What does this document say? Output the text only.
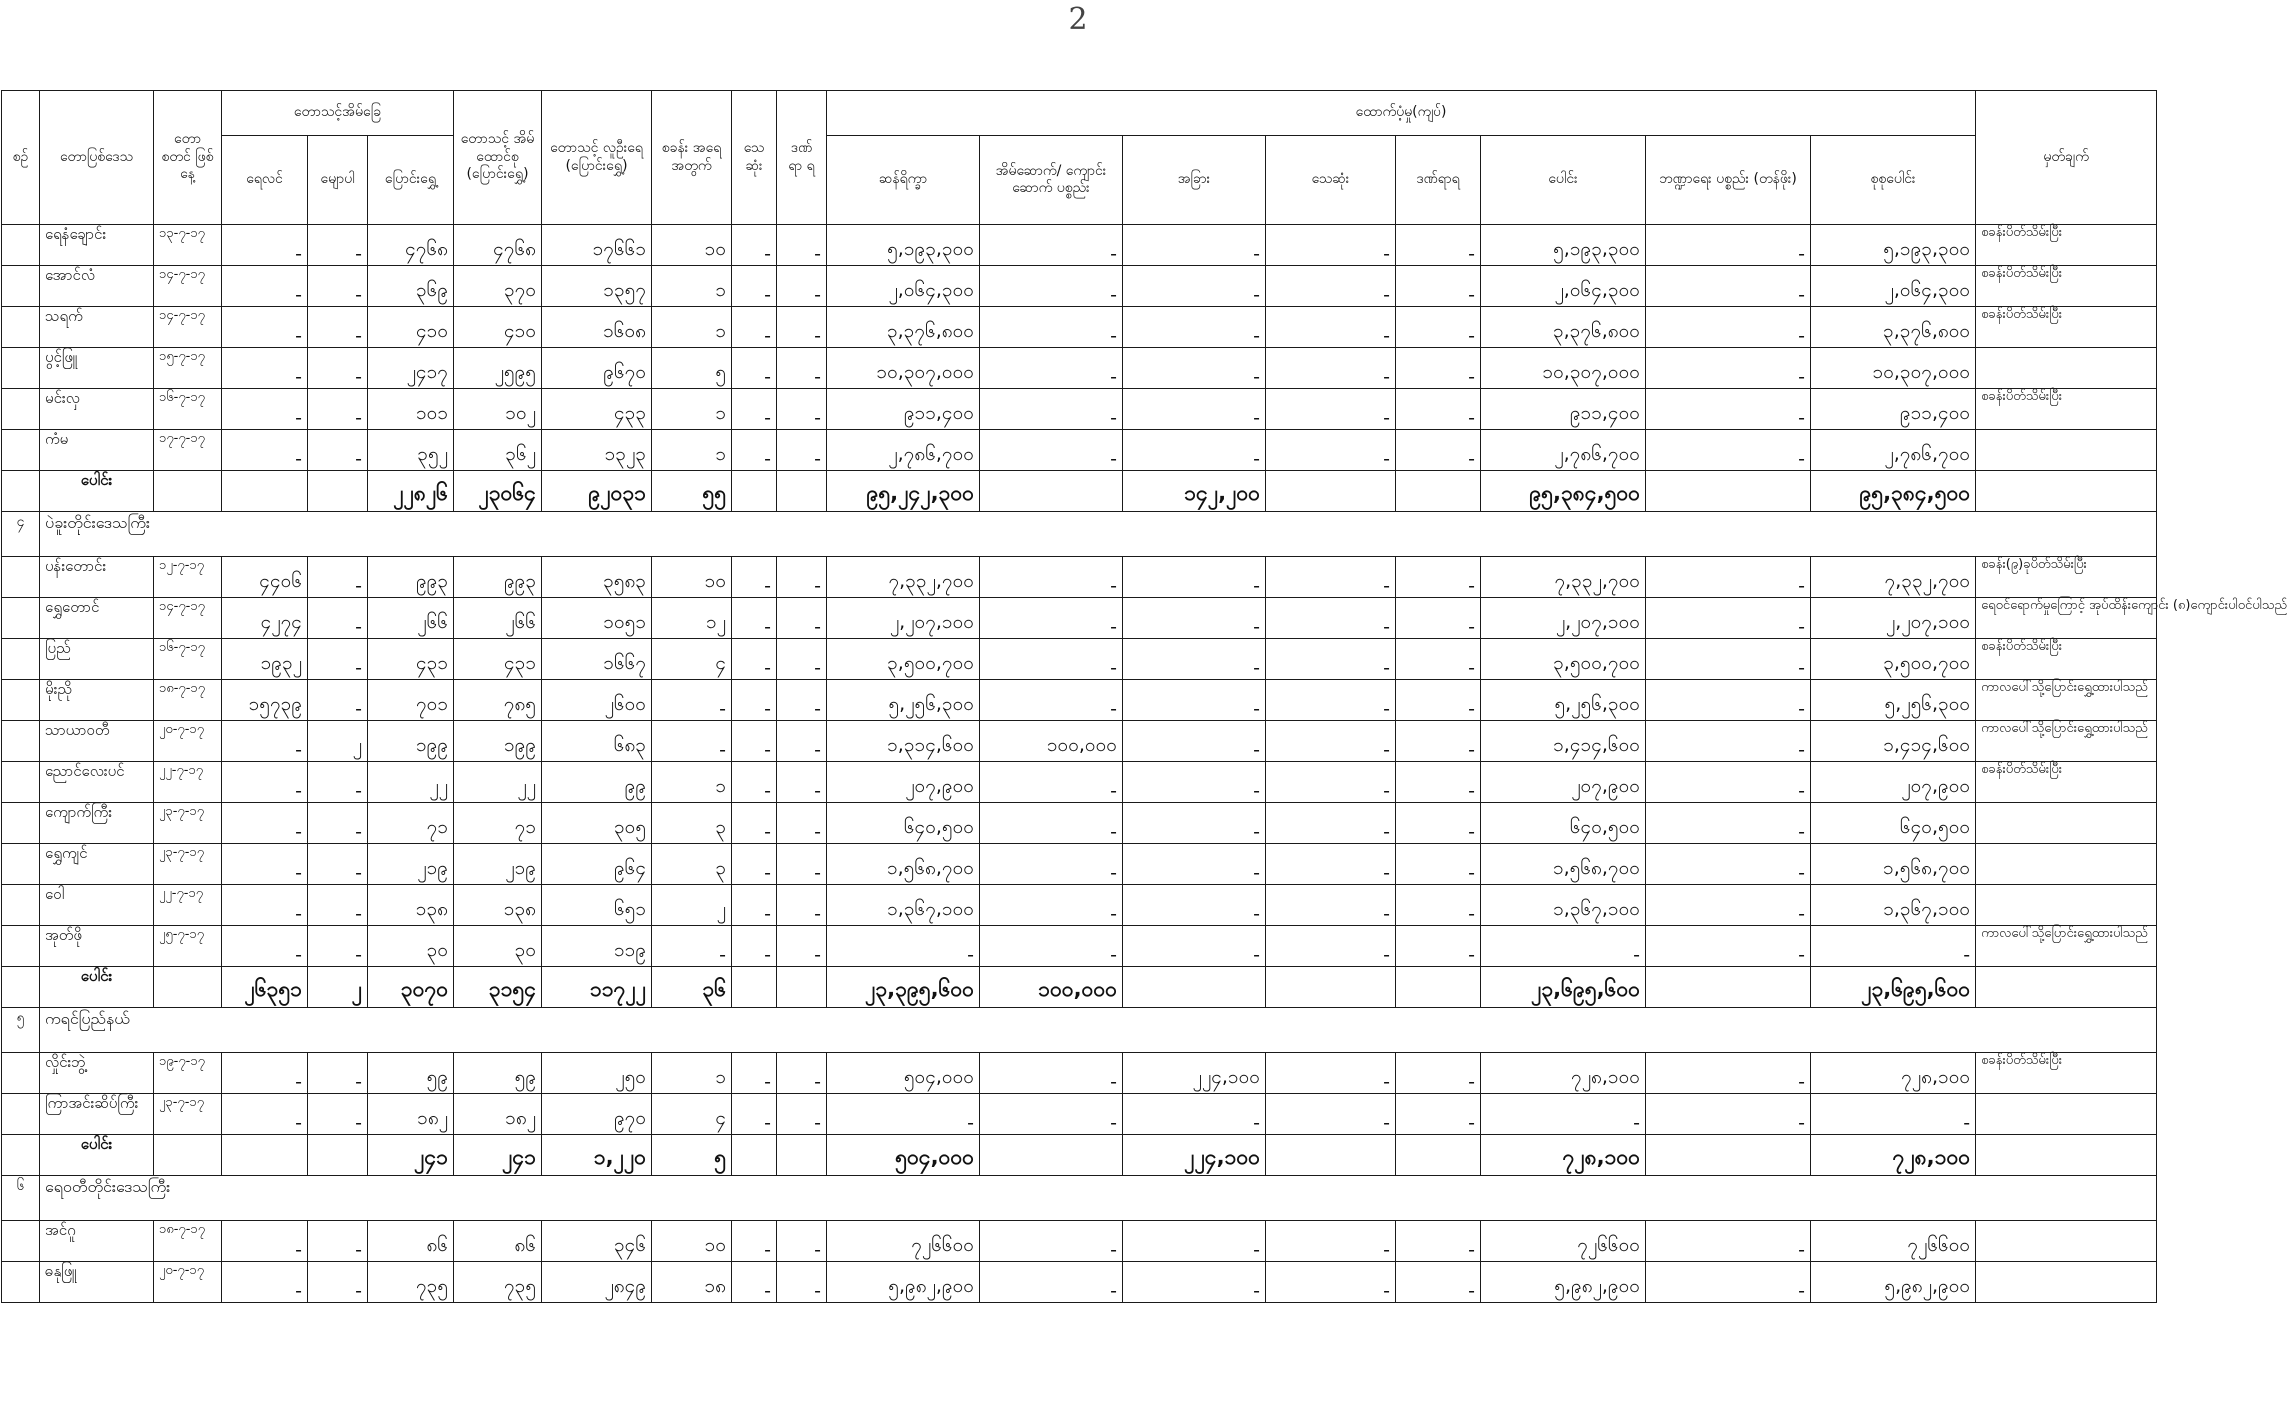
2
စဉ်	တောပြစ်ဒေသ	တော စတင် ဖြစ်နေ့	တောသင့်အိမ်ခြေ			တောသင့် အိမ် ထောင်စု (ပြောင်းရွှေ့)	တောသင့် လူဦးရေ (ပြောင်းရွှေ့)	စခန်း အရေ အတွက်	သေ ဆုံး	ဒဏ် ရာ ရ	ထောက်ပံ့မှု(ကျပ်)								မှတ်ချက်
			ရေလင်	မျောပါ	ပြောင်းရွှေ့						ဆန်ရိက္ခာ	အိမ်ဆောက်/ ကျောင်းဆောက် ပစ္စည်း	အခြား	သေဆုံး	ဒဏ်ရာရ	ပေါင်း	ဘဏ္ဍာရေး ပစ္စည်း (တန်ဖိုး)	စုစုပေါင်း	
	ရေနံချောင်း	၁၃-၇-၁၇	-	-	၄၇၆၈	၄၇၆၈	၁၇၆၆၁	၁၀	-	-	၅,၁၉၃,၃၀၀	-	-	-	-	၅,၁၉၃,၃၀၀	-	၅,၁၉၃,၃၀၀	စခန်းပိတ်သိမ်းပြီး
	အောင်လံ	၁၄-၇-၁၇	-	-	၃၆၉	၃၇၀	၁၃၅၇	၁	-	-	၂,၀၆၄,၃၀၀	-	-	-	-	၂,၀၆၄,၃၀၀	-	၂,၀၆၄,၃၀၀	စခန်းပိတ်သိမ်းပြီး
	သရက်	၁၄-၇-၁၇	-	-	၄၁၀	၄၁၀	၁၆၀၈	၁	-	-	၃,၃၇၆,၈၀၀	-	-	-	-	၃,၃၇၆,၈၀၀	-	၃,၃၇၆,၈၀၀	စခန်းပိတ်သိမ်းပြီး
	ပွင့်ဖြူ	၁၅-၇-၁၇	-	-	၂၄၁၇	၂၅၉၅	၉၆၇၀	၅	-	-	၁၀,၃၀၇,၀၀၀	-	-	-	-	၁၀,၃၀၇,၀၀၀	-	၁၀,၃၀၇,၀၀၀	
	မင်းလှ	၁၆-၇-၁၇	-	-	၁၀၁	၁၀၂	၄၃၃	၁	-	-	၉၁၁,၄၀၀	-	-	-	-	၉၁၁,၄၀၀	-	၉၁၁,၄၀၀	စခန်းပိတ်သိမ်းပြီး
	ကံမ	၁၇-၇-၁၇	-	-	၃၅၂	၃၆၂	၁၃၂၃	၁	-	-	၂,၇၈၆,၇၀၀	-	-	-	-	၂,၇၈၆,၇၀၀	-	၂,၇၈၆,၇၀၀	
	ပေါင်း				၂၂၈၂၆	၂၃၀၆၄	၉၂၀၃၁	၅၅			၉၅,၂၄၂,၃၀၀		၁၄၂,၂၀၀			၉၅,၃၈၄,၅၀၀		၉၅,၃၈၄,၅၀၀	
၄	ပဲခူးတိုင်းဒေသကြီး																		
	ပန်းတောင်း	၁၂-၇-၁၇	၄၄၀၆	-	၉၉၃	၉၉၃	၃၅၈၃	၁၀	-	-	၇,၃၃၂,၇၀၀	-	-	-	-	၇,၃၃၂,၇၀၀	-	၇,၃၃၂,၇၀၀	စခန်း(၉)ခုပိတ်သိမ်းပြီး
	ရွှေတောင်	၁၄-၇-၁၇	၄၂၇၄	-	၂၆၆	၂၆၆	၁၀၅၁	၁၂	-	-	၂,၂၀၇,၁၀၀	-	-	-	-	၂,၂၀၇,၁၀၀	-	၂,၂၀၇,၁၀၀	ရေဝင်ရောက်မှုကြောင့် အုပ်ထိန်းကျောင်း (၈)ကျောင်းပါဝင်ပါသည်
	ပြည်	၁၆-၇-၁၇	၁၉၃၂	-	၄၃၁	၄၃၁	၁၆၆၇	၄	-	-	၃,၅၀၀,၇၀၀	-	-	-	-	၃,၅၀၀,၇၀၀	-	၃,၅၀၀,၇၀၀	စခန်းပိတ်သိမ်းပြီး
	မိုးညို	၁၈-၇-၁၇	၁၅၇၃၉	-	၇၀၁	၇၈၅	၂၆၀၀	-	-	-	၅,၂၅၆,၃၀၀	-	-	-	-	၅,၂၅၆,၃၀၀	-	၅,၂၅၆,၃၀၀	ကာလပေါ်သို့ပြောင်းရွှေ့ထားပါသည်
	သာယာဝတီ	၂၀-၇-၁၇	-	၂	၁၉၉	၁၉၉	၆၈၃	-	-	-	၁,၃၁၄,၆၀၀	၁၀၀,၀၀၀	-	-	-	၁,၄၁၄,၆၀၀	-	၁,၄၁၄,၆၀၀	ကာလပေါ်သို့ပြောင်းရွှေ့ထားပါသည်
	ညောင်လေးပင်	၂၂-၇-၁၇	-	-	၂၂	၂၂	၉၉	၁	-	-	၂၀၇,၉၀၀	-	-	-	-	၂၀၇,၉၀၀	-	၂၀၇,၉၀၀	စခန်းပိတ်သိမ်းပြီး
	ကျောက်ကြီး	၂၃-၇-၁၇	-	-	၇၁	၇၁	၃၀၅	၃	-	-	၆၄၀,၅၀၀	-	-	-	-	၆၄၀,၅၀၀	-	၆၄၀,၅၀၀	
	ရွှေကျင်	၂၃-၇-၁၇	-	-	၂၁၉	၂၁၉	၉၆၄	၃	-	-	၁,၅၆၈,၇၀၀	-	-	-	-	၁,၅၆၈,၇၀၀	-	၁,၅၆၈,၇၀၀	
	ဝေါ	၂၂-၇-၁၇	-	-	၁၃၈	၁၃၈	၆၅၁	၂	-	-	၁,၃၆၇,၁၀၀	-	-	-	-	၁,၃၆၇,၁၀၀	-	၁,၃၆၇,၁၀၀	
	အုတ်ဖို	၂၅-၇-၁၇	-	-	၃၀	၃၀	၁၁၉	-	-	-	-	-	-	-	-	-	-	-	ကာလပေါ်သို့ပြောင်းရွှေ့ထားပါသည်
	ပေါင်း		၂၆၃၅၁	၂	၃၀၇၀	၃၁၅၄	၁၁၇၂၂	၃၆			၂၃,၃၉၅,၆၀၀	၁၀၀,၀၀၀				၂၃,၆၉၅,၆၀၀		၂၃,၆၉၅,၆၀၀	
၅	ကရင်ပြည်နယ်																		
	လှိုင်းဘွဲ့	၁၉-၇-၁၇	-	-	၅၉	၅၉	၂၅၀	၁	-	-	၅၀၄,၀၀၀	-	၂၂၄,၁၀၀	-	-	၇၂၈,၁၀၀	-	၇၂၈,၁၀၀	စခန်းပိတ်သိမ်းပြီး
	ကြာအင်းဆိပ်ကြီး	၂၃-၇-၁၇	-	-	၁၈၂	၁၈၂	၉၇၀	၄	-	-	-	-	-	-	-	-	-	-	
	ပေါင်း				၂၄၁	၂၄၁	၁,၂၂၀	၅			၅၀၄,၀၀၀		၂၂၄,၁၀၀			၇၂၈,၁၀၀		၇၂၈,၁၀၀	
၆	ရေဝတီတိုင်းဒေသကြီး																		
	အင်ဂူ	၁၈-၇-၁၇	-	-	၈၆	၈၆	၃၄၆	၁၀	-	-	၇၂၆၆၀၀	-	-	-	-	၇၂၆၆၀၀	-	၇၂၆၆၀၀	
	ဓနုဖြူ	၂၀-၇-၁၇	-	-	၇၃၅	၇၃၅	၂၈၄၉	၁၈	-	-	၅,၉၈၂,၉၀၀	-	-	-	-	၅,၉၈၂,၉၀၀	-	၅,၉၈၂,၉၀၀	
